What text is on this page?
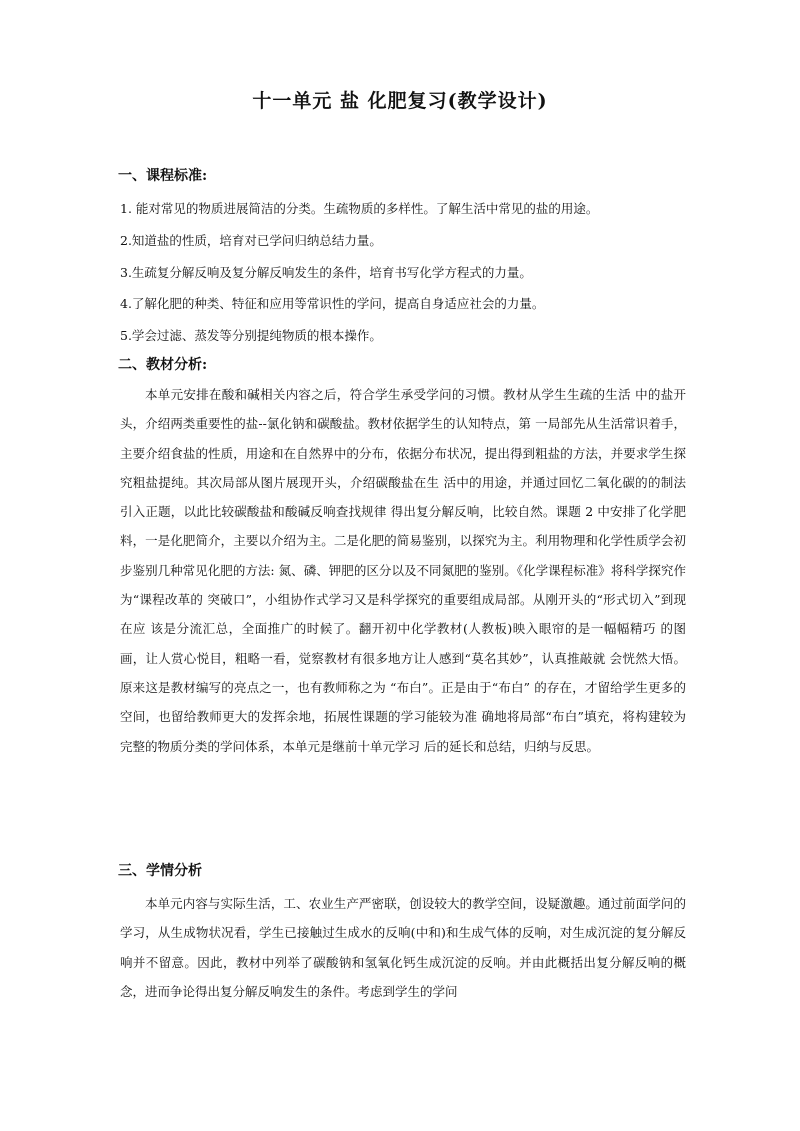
十一单元 盐 化肥复习(教学设计)
一、课程标准:
1. 能对常见的物质进展简洁的分类。生疏物质的多样性。了解生活中常见的盐的用途。
2.知道盐的性质，培育对已学问归纳总结力量。
3.生疏复分解反响及复分解反响发生的条件，培育书写化学方程式的力量。
4.了解化肥的种类、特征和应用等常识性的学问，提高自身适应社会的力量。
5.学会过滤、蒸发等分别提纯物质的根本操作。
二、教材分析:
本单元安排在酸和碱相关内容之后，符合学生承受学问的习惯。教材从学生生疏的生活 中的盐开头，介绍两类重要性的盐--氯化钠和碳酸盐。教材依据学生的认知特点，第 一局部先从生活常识着手，主要介绍食盐的性质，用途和在自然界中的分布，依据分布状况，提出得到粗盐的方法，并要求学生探究粗盐提纯。其次局部从图片展现开头，介绍碳酸盐在生 活中的用途，并通过回忆二氧化碳的的制法引入正题，以此比较碳酸盐和酸碱反响查找规律 得出复分解反响，比较自然。课题 2 中安排了化学肥料，一是化肥简介，主要以介绍为主。二是化肥的简易鉴别，以探究为主。利用物理和化学性质学会初步鉴别几种常见化肥的方法: 氮、磷、钾肥的区分以及不同氮肥的鉴别。《化学课程标准》将科学探究作为“课程改革的 突破口”，小组协作式学习又是科学探究的重要组成局部。从刚开头的“形式切入”到现在应 该是分流汇总，全面推广的时候了。翻开初中化学教材(人教板)映入眼帘的是一幅幅精巧 的图画，让人赏心悦目，粗略一看，觉察教材有很多地方让人感到“莫名其妙”，认真推敲就 会恍然大悟。原来这是教材编写的亮点之一，也有教师称之为 “布白”。正是由于“布白” 的存在，才留给学生更多的空间，也留给教师更大的发挥余地，拓展性课题的学习能较为准 确地将局部“布白”填充，将构建较为完整的物质分类的学问体系，本单元是继前十单元学习 后的延长和总结，归纳与反思。
三、学情分析
本单元内容与实际生活，工、农业生产严密联，创设较大的教学空间，设疑激趣。通过前面学问的学习，从生成物状况看，学生已接触过生成水的反响(中和)和生成气体的反响，对生成沉淀的复分解反响并不留意。因此，教材中列举了碳酸钠和氢氧化钙生成沉淀的反响。并由此概括出复分解反响的概念，进而争论得出复分解反响发生的条件。考虑到学生的学问
